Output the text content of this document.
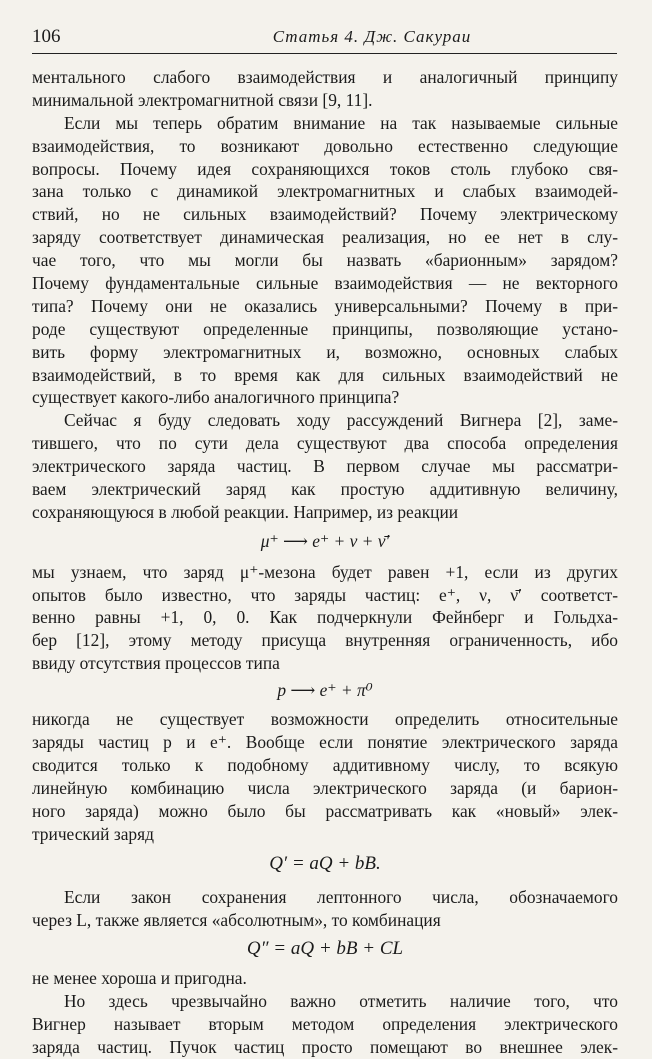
106	Статья 4. Дж. Сакураи
ментального слабого взаимодействия и аналогичный принципу
минимальной электромагнитной связи [9, 11].
Если мы теперь обратим внимание на так называемые сильные
взаимодействия, то возникают довольно естественно следующие
вопросы. Почему идея сохраняющихся токов столь глубоко свя-
зана только с динамикой электромагнитных и слабых взаимодей-
ствий, но не сильных взаимодействий? Почему электрическому
заряду соответствует динамическая реализация, но ее нет в слу-
чае того, что мы могли бы назвать «барионным» зарядом?
Почему фундаментальные сильные взаимодействия — не векторного
типа? Почему они не оказались универсальными? Почему в при-
роде существуют определенные принципы, позволяющие устано-
вить форму электромагнитных и, возможно, основных слабых
взаимодействий, в то время как для сильных взаимодействий не
существует какого-либо аналогичного принципа?
Сейчас я буду следовать ходу рассуждений Вигнера [2], заме-
тившего, что по сути дела существуют два способа определения
электрического заряда частиц. В первом случае мы рассматри-
ваем электрический заряд как простую аддитивную величину,
сохраняющуюся в любой реакции. Например, из реакции
μ⁺ ⟶ e⁺ + ν + ν̄′
мы узнаем, что заряд μ⁺-мезона будет равен +1, если из других
опытов было известно, что заряды частиц: e⁺, ν, ν̄′ соответст-
венно равны +1, 0, 0. Как подчеркнули Фейнберг и Гольдха-
бер [12], этому методу присуща внутренняя ограниченность, ибо
ввиду отсутствия процессов типа
p ⟶ e⁺ + π⁰
никогда не существует возможности определить относительные
заряды частиц p и e⁺. Вообще если понятие электрического заряда
сводится только к подобному аддитивному числу, то всякую
линейную комбинацию числа электрического заряда (и барион-
ного заряда) можно было бы рассматривать как «новый» элек-
трический заряд
Q′ = aQ + bB.
Если закон сохранения лептонного числа, обозначаемого
через L, также является «абсолютным», то комбинация
Q″ = aQ + bB + CL
не менее хороша и пригодна.
Но здесь чрезвычайно важно отметить наличие того, что
Вигнер называет вторым методом определения электрического
заряда частиц. Пучок частиц просто помещают во внешнее элек-
